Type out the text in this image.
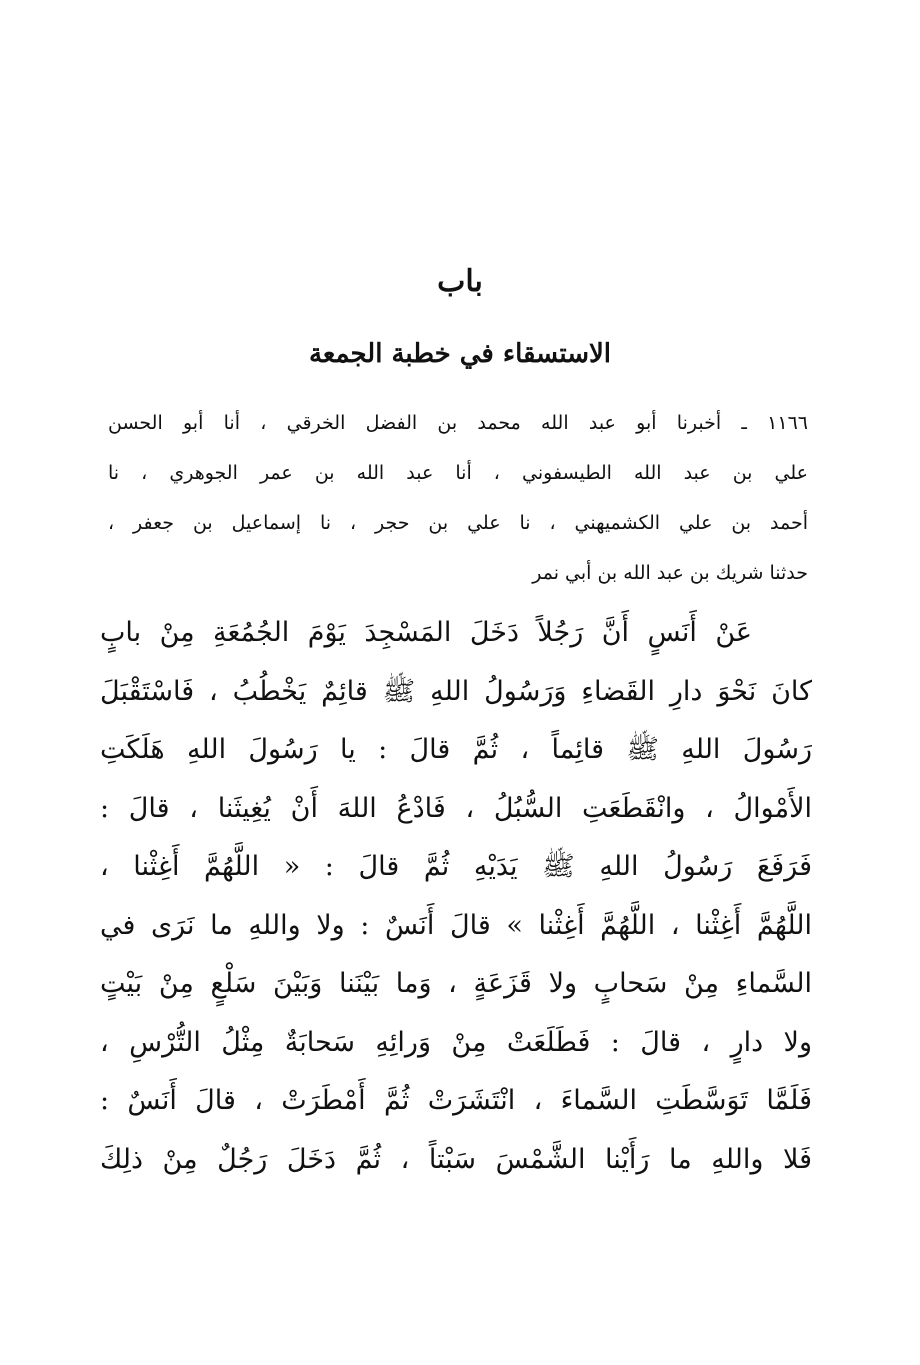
باب
الاستسقاء في خطبة الجمعة
١١٦٦ ـ أخبرنا أبو عبد الله محمد بن الفضل الخرقي ، أنا أبو الحسن
علي بن عبد الله الطيسفوني ، أنا عبد الله بن عمر الجوهري ، نا
أحمد بن علي الكشميهني ، نا علي بن حجر ، نا إسماعيل بن جعفر ،
حدثنا شريك بن عبد الله بن أبي نمر
عَنْ أَنَسٍ أَنَّ رَجُلاً دَخَلَ المَسْجِدَ يَوْمَ الجُمُعَةِ مِنْ بابٍ
كانَ نَحْوَ دارِ القَضاءِ وَرَسُولُ اللهِ ﷺ قائِمٌ يَخْطُبُ ، فَاسْتَقْبَلَ
رَسُولَ اللهِ ﷺ قائِماً ، ثُمَّ قالَ : يا رَسُولَ اللهِ هَلَكَتِ
الأَمْوالُ ، وانْقَطَعَتِ السُّبُلُ ، فَادْعُ اللهَ أَنْ يُغِيثَنا ، قالَ :
فَرَفَعَ رَسُولُ اللهِ ﷺ يَدَيْهِ ثُمَّ قالَ : « اللَّهُمَّ أَغِثْنا ،
اللَّهُمَّ أَغِثْنا ، اللَّهُمَّ أَغِثْنا » قالَ أَنَسٌ : ولا واللهِ ما نَرَى في
السَّماءِ مِنْ سَحابٍ ولا قَزَعَةٍ ، وَما بَيْنَنا وَبَيْنَ سَلْعٍ مِنْ بَيْتٍ
ولا دارٍ ، قالَ : فَطَلَعَتْ مِنْ وَرائِهِ سَحابَةٌ مِثْلُ التُّرْسِ ،
فَلَمَّا تَوَسَّطَتِ السَّماءَ ، انْتَشَرَتْ ثُمَّ أَمْطَرَتْ ، قالَ أَنَسٌ :
فَلا واللهِ ما رَأَيْنا الشَّمْسَ سَبْتاً ، ثُمَّ دَخَلَ رَجُلٌ مِنْ ذلِكَ
